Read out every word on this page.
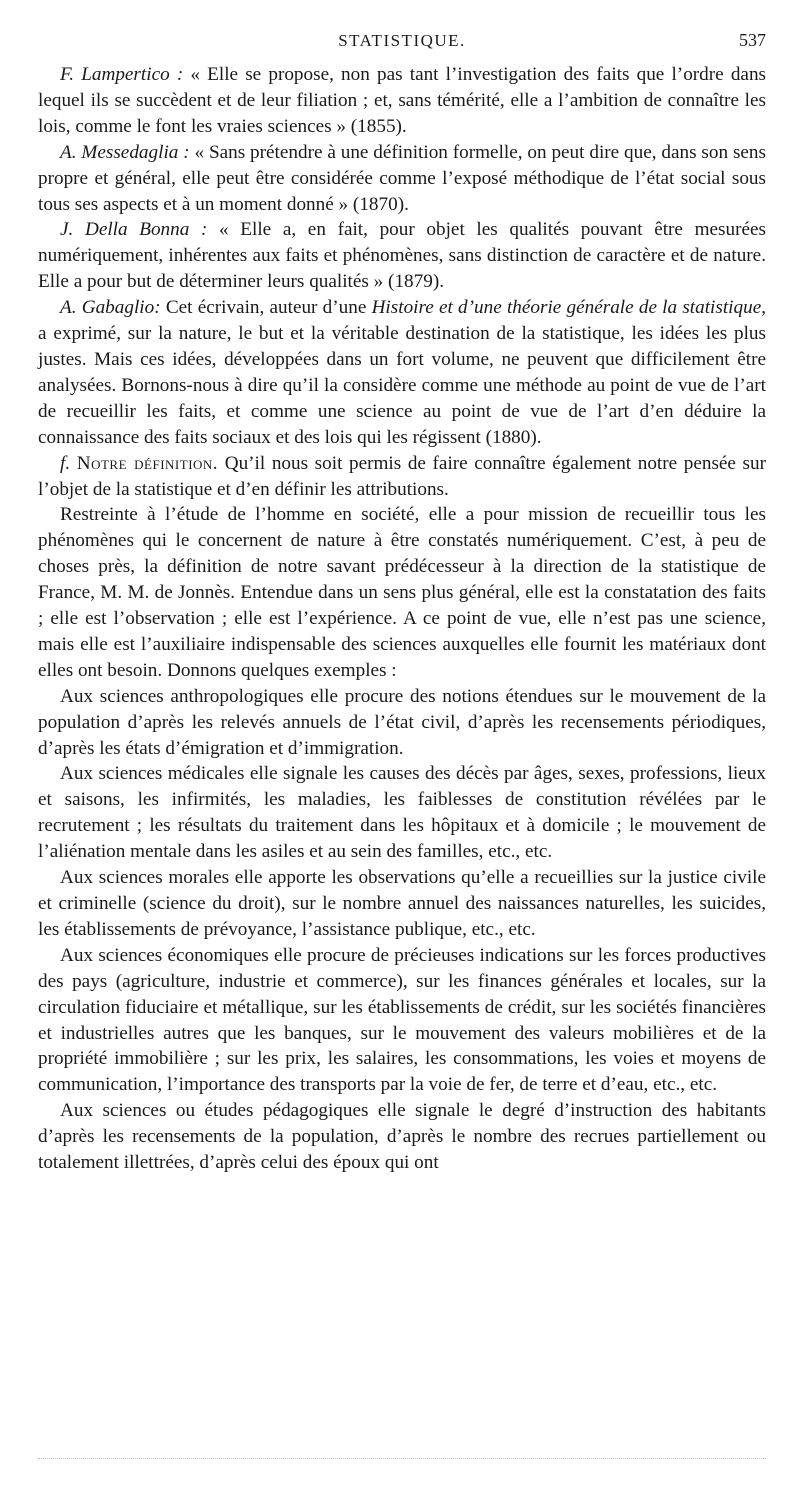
STATISTIQUE.	537

F. Lampertico : « Elle se propose, non pas tant l’investigation des faits que l’ordre dans lequel ils se succèdent et de leur filiation ; et, sans témérité, elle a l’ambition de connaître les lois, comme le font les vraies sciences » (1855).

A. Messedaglia : « Sans prétendre à une définition formelle, on peut dire que, dans son sens propre et général, elle peut être considérée comme l’exposé méthodique de l’état social sous tous ses aspects et à un moment donné » (1870).

J. Della Bonna : « Elle a, en fait, pour objet les qualités pouvant être mesurées numériquement, inhérentes aux faits et phénomènes, sans distinction de caractère et de nature. Elle a pour but de déterminer leurs qualités » (1879).

A. Gabaglio: Cet écrivain, auteur d’une Histoire et d’une théorie générale de la statistique, a exprimé, sur la nature, le but et la véritable destination de la statistique, les idées les plus justes. Mais ces idées, développées dans un fort volume, ne peuvent que difficilement être analysées. Bornons-nous à dire qu’il la considère comme une méthode au point de vue de l’art de recueillir les faits, et comme une science au point de vue de l’art d’en déduire la connaissance des faits sociaux et des lois qui les régissent (1880).

f. Notre définition. Qu’il nous soit permis de faire connaître également notre pensée sur l’objet de la statistique et d’en définir les attributions.

Restreinte à l’étude de l’homme en société, elle a pour mission de recueillir tous les phénomènes qui le concernent de nature à être constatés numériquement. C’est, à peu de choses près, la définition de notre savant prédécesseur à la direction de la statistique de France, M. M. de Jonnès. Entendue dans un sens plus général, elle est la constatation des faits ; elle est l’observation ; elle est l’expérience. A ce point de vue, elle n’est pas une science, mais elle est l’auxiliaire indispensable des sciences auxquelles elle fournit les matériaux dont elles ont besoin. Donnons quelques exemples :

Aux sciences anthropologiques elle procure des notions étendues sur le mouvement de la population d’après les relevés annuels de l’état civil, d’après les recensements périodiques, d’après les états d’émigration et d’immigration.

Aux sciences médicales elle signale les causes des décès par âges, sexes, professions, lieux et saisons, les infirmités, les maladies, les faiblesses de constitution révélées par le recrutement ; les résultats du traitement dans les hôpitaux et à domicile ; le mouvement de l’aliénation mentale dans les asiles et au sein des familles, etc., etc.

Aux sciences morales elle apporte les observations qu’elle a recueillies sur la justice civile et criminelle (science du droit), sur le nombre annuel des naissances naturelles, les suicides, les établissements de prévoyance, l’assistance publique, etc., etc.

Aux sciences économiques elle procure de précieuses indications sur les forces productives des pays (agriculture, industrie et commerce), sur les finances générales et locales, sur la circulation fiduciaire et métallique, sur les établissements de crédit, sur les sociétés financières et industrielles autres que les banques, sur le mouvement des valeurs mobilières et de la propriété immobilière ; sur les prix, les salaires, les consommations, les voies et moyens de communication, l’importance des transports par la voie de fer, de terre et d’eau, etc., etc.

Aux sciences ou études pédagogiques elle signale le degré d’instruction des habitants d’après les recensements de la population, d’après le nombre des recrues partiellement ou totalement illettrées, d’après celui des époux qui ont
